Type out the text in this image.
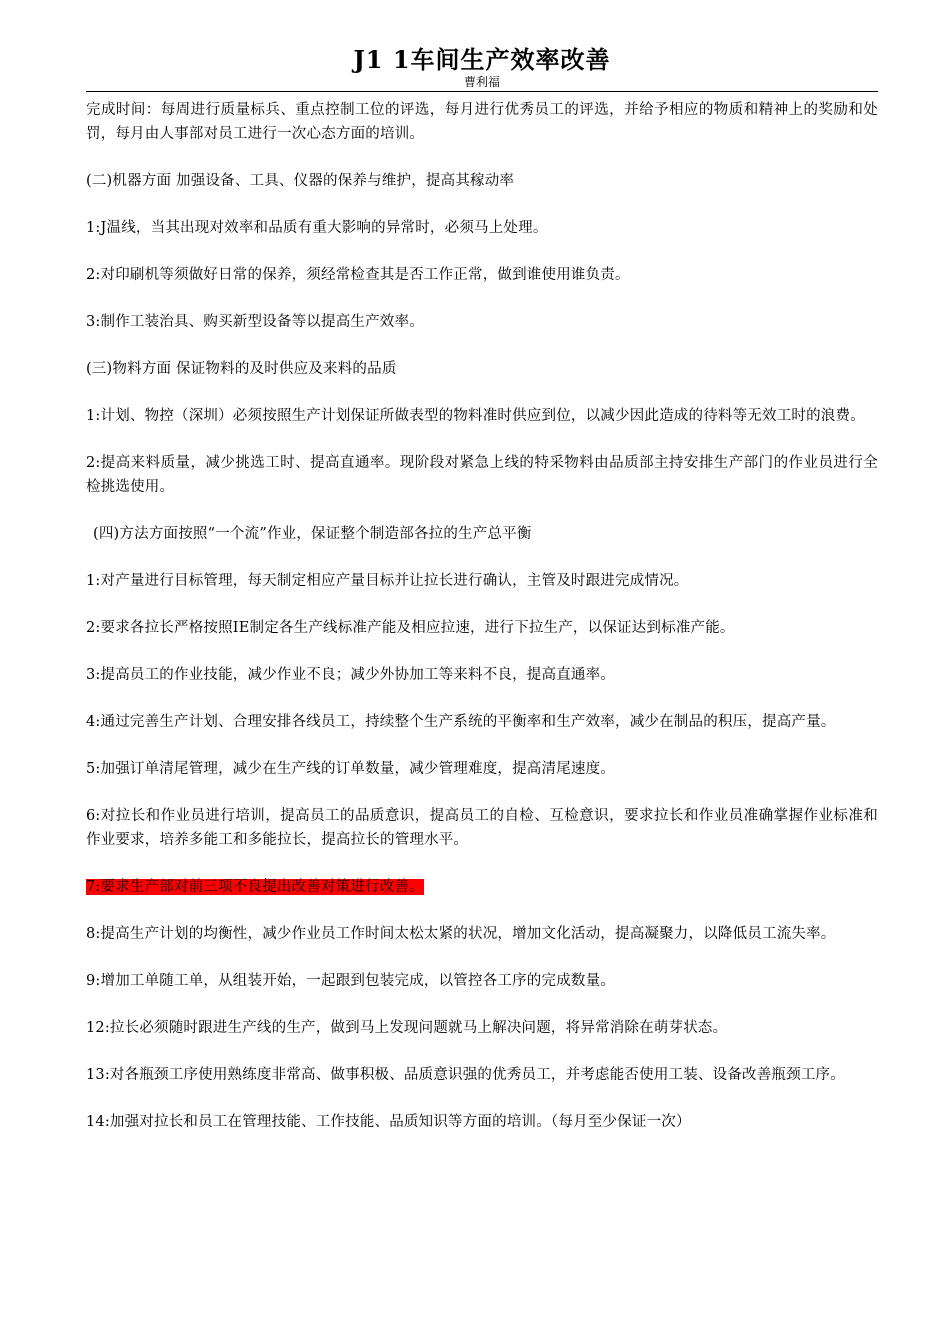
J1 1车间生产效率改善
曹利福

完成时间：每周进行质量标兵、重点控制工位的评选，每月进行优秀员工的评选，并给予相应的物质和精神上的奖励和处罚，每月由人事部对员工进行一次心态方面的培训。

(二)机器方面 加强设备、工具、仪器的保养与维护，提高其稼动率

1:J温线，当其出现对效率和品质有重大影响的异常时，必须马上处理。

2:对印刷机等须做好日常的保养，须经常检查其是否工作正常，做到谁使用谁负责。

3:制作工装治具、购买新型设备等以提高生产效率。

(三)物料方面 保证物料的及时供应及来料的品质

1:计划、物控（深圳）必须按照生产计划保证所做表型的物料准时供应到位，以减少因此造成的待料等无效工时的浪费。

2:提高来料质量，减少挑选工时、提高直通率。现阶段对紧急上线的特采物料由品质部主持安排生产部门的作业员进行全检挑选使用。

(四)方法方面按照“一个流”作业，保证整个制造部各拉的生产总平衡

1:对产量进行目标管理，每天制定相应产量目标并让拉长进行确认，主管及时跟进完成情况。

2:要求各拉长严格按照IE制定各生产线标准产能及相应拉速，进行下拉生产，以保证达到标准产能。

3:提高员工的作业技能，减少作业不良；减少外协加工等来料不良，提高直通率。

4:通过完善生产计划、合理安排各线员工，持续整个生产系统的平衡率和生产效率，减少在制品的积压，提高产量。

5:加强订单清尾管理，减少在生产线的订单数量，减少管理难度，提高清尾速度。

6:对拉长和作业员进行培训，提高员工的品质意识，提高员工的自检、互检意识，要求拉长和作业员准确掌握作业标准和作业要求，培养多能工和多能拉长，提高拉长的管理水平。

7:要求生产部对前三项不良提出改善对策进行改善。

8:提高生产计划的均衡性，减少作业员工作时间太松太紧的状况，增加文化活动，提高凝聚力，以降低员工流失率。

9:增加工单随工单，从组装开始，一起跟到包装完成，以管控各工序的完成数量。

12:拉长必须随时跟进生产线的生产，做到马上发现问题就马上解决问题，将异常消除在萌芽状态。

13:对各瓶颈工序使用熟练度非常高、做事积极、品质意识强的优秀员工，并考虑能否使用工装、设备改善瓶颈工序。

14:加强对拉长和员工在管理技能、工作技能、品质知识等方面的培训。（每月至少保证一次）
